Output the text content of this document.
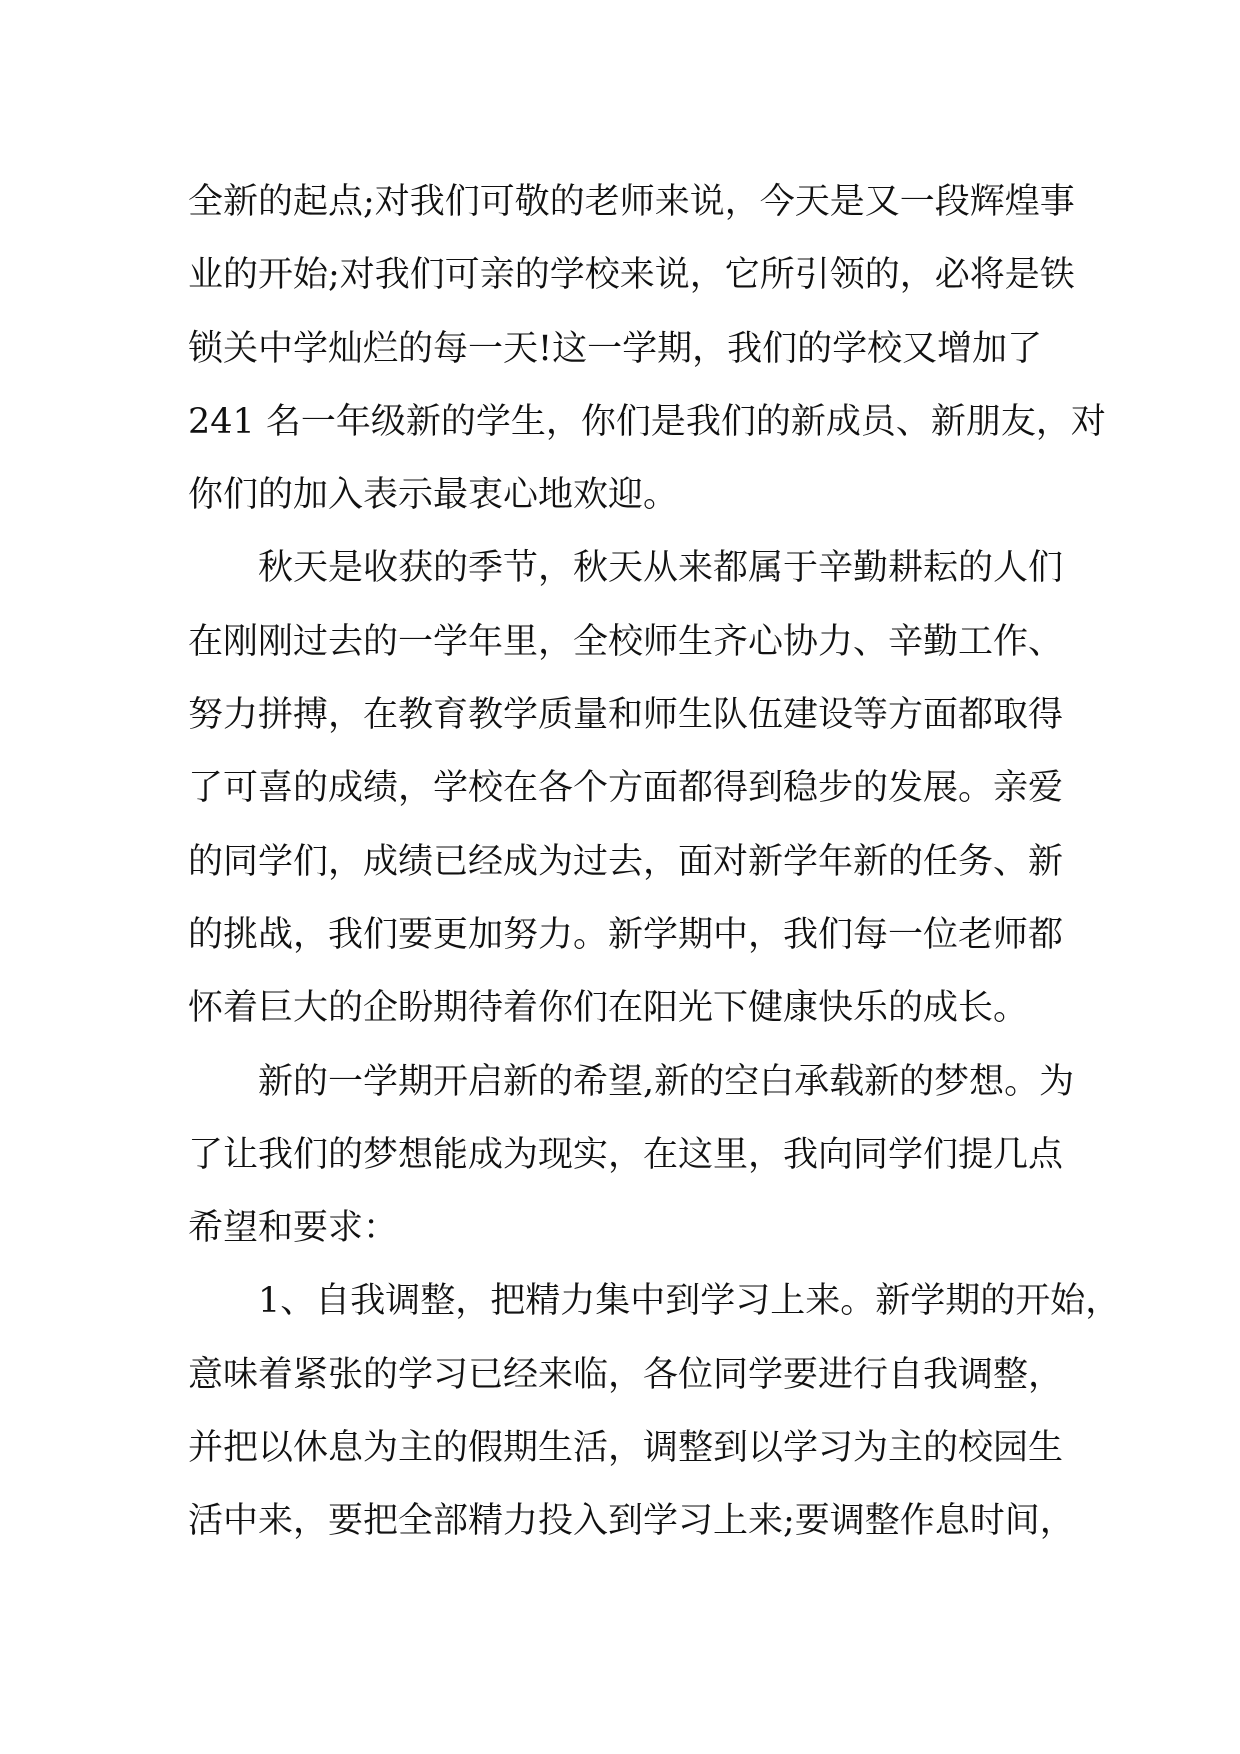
全新的起点;对我们可敬的老师来说，今天是又一段辉煌事
业的开始;对我们可亲的学校来说，它所引领的，必将是铁
锁关中学灿烂的每一天!这一学期，我们的学校又增加了
241 名一年级新的学生，你们是我们的新成员、新朋友，对
你们的加入表示最衷心地欢迎。
秋天是收获的季节，秋天从来都属于辛勤耕耘的人们
在刚刚过去的一学年里，全校师生齐心协力、辛勤工作、
努力拼搏，在教育教学质量和师生队伍建设等方面都取得
了可喜的成绩，学校在各个方面都得到稳步的发展。亲爱
的同学们，成绩已经成为过去，面对新学年新的任务、新
的挑战，我们要更加努力。新学期中，我们每一位老师都
怀着巨大的企盼期待着你们在阳光下健康快乐的成长。
新的一学期开启新的希望,新的空白承载新的梦想。为
了让我们的梦想能成为现实，在这里，我向同学们提几点
希望和要求：
1、自我调整，把精力集中到学习上来。新学期的开始，
意味着紧张的学习已经来临，各位同学要进行自我调整，
并把以休息为主的假期生活，调整到以学习为主的校园生
活中来，要把全部精力投入到学习上来;要调整作息时间，
